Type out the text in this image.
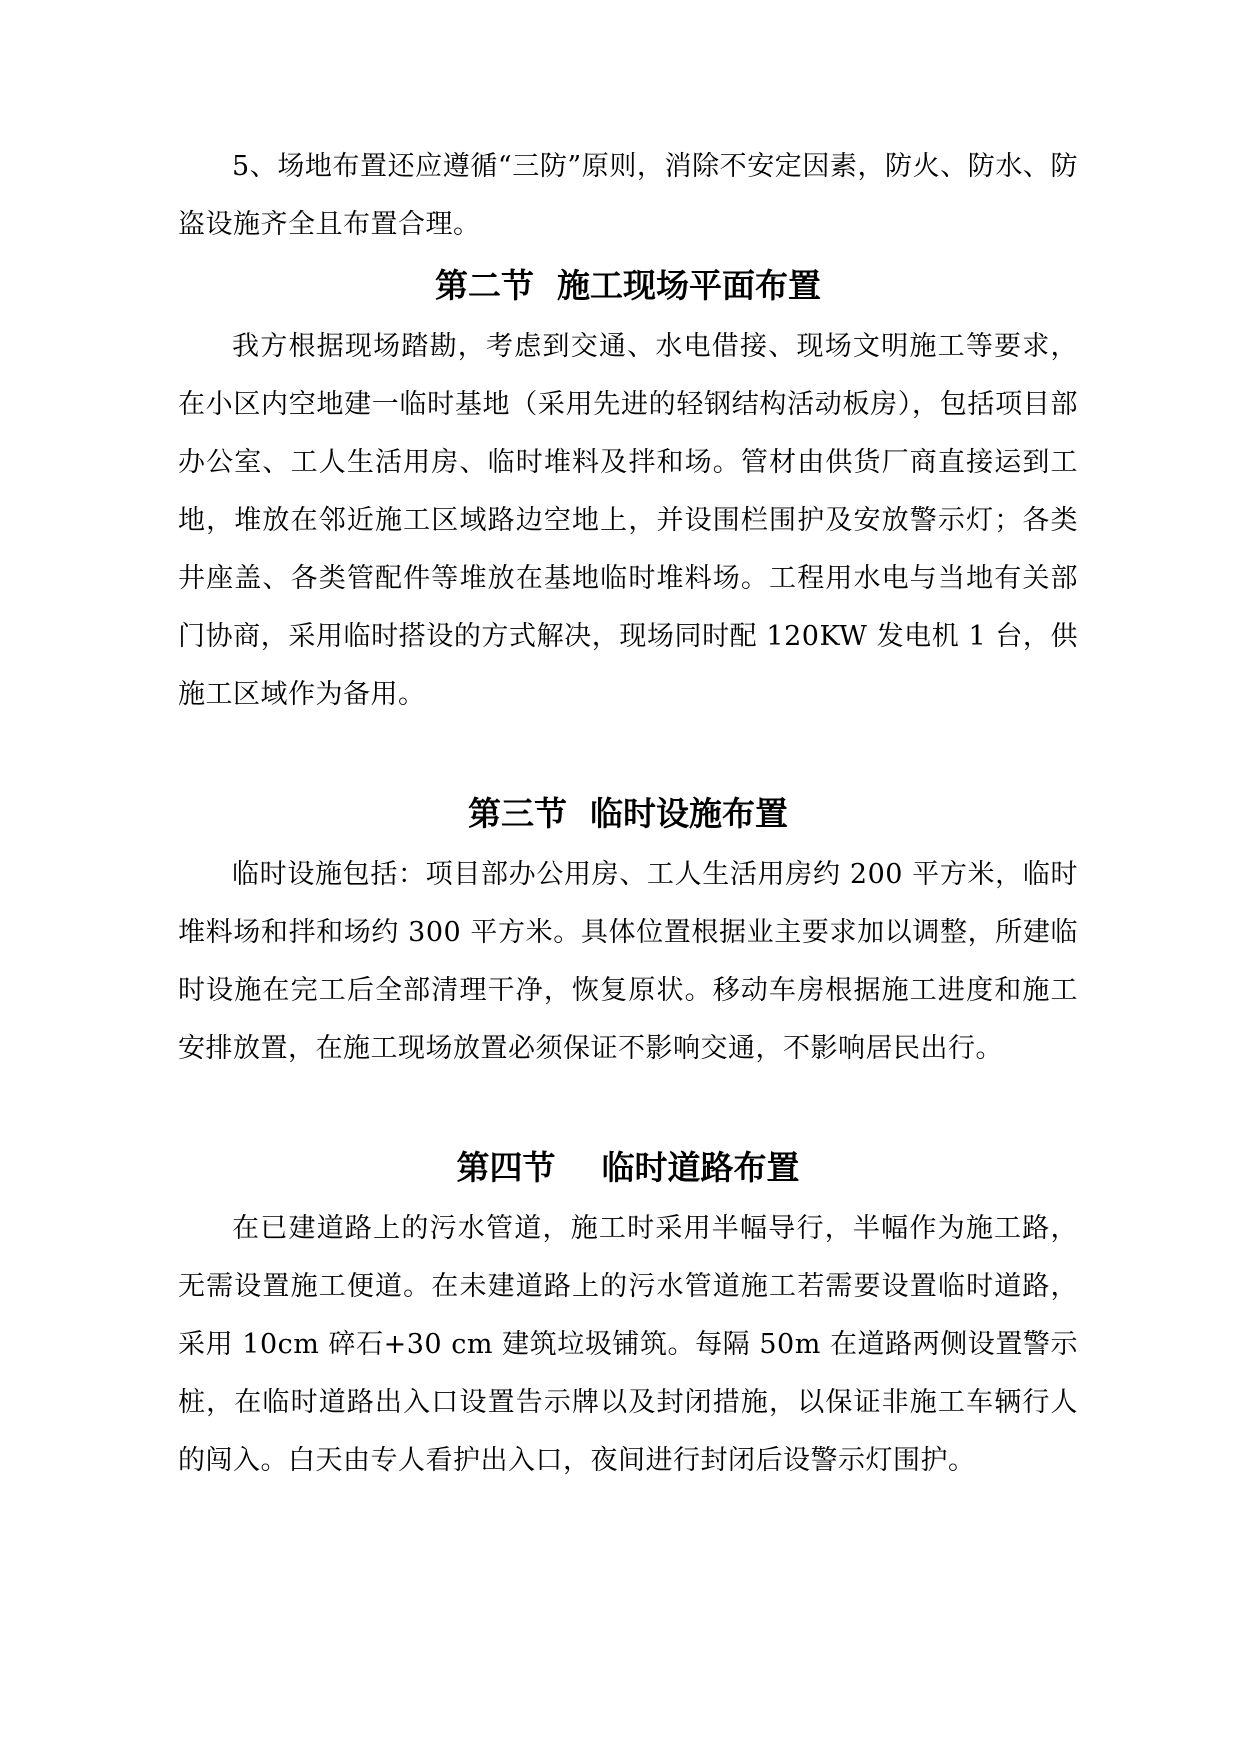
5、场地布置还应遵循“三防”原则，消除不安定因素，防火、防水、防盗设施齐全且布置合理。

第二节  施工现场平面布置

我方根据现场踏勘，考虑到交通、水电借接、现场文明施工等要求，在小区内空地建一临时基地（采用先进的轻钢结构活动板房），包括项目部办公室、工人生活用房、临时堆料及拌和场。管材由供货厂商直接运到工地，堆放在邻近施工区域路边空地上，并设围栏围护及安放警示灯；各类井座盖、各类管配件等堆放在基地临时堆料场。工程用水电与当地有关部门协商，采用临时搭设的方式解决，现场同时配 120KW 发电机 1 台，供施工区域作为备用。

第三节  临时设施布置

临时设施包括：项目部办公用房、工人生活用房约 200 平方米，临时堆料场和拌和场约 300 平方米。具体位置根据业主要求加以调整，所建临时设施在完工后全部清理干净，恢复原状。移动车房根据施工进度和施工安排放置，在施工现场放置必须保证不影响交通，不影响居民出行。

第四节    临时道路布置

在已建道路上的污水管道，施工时采用半幅导行，半幅作为施工路，无需设置施工便道。在未建道路上的污水管道施工若需要设置临时道路，采用 10cm 碎石+30 cm 建筑垃圾铺筑。每隔 50m 在道路两侧设置警示桩，在临时道路出入口设置告示牌以及封闭措施，以保证非施工车辆行人的闯入。白天由专人看护出入口，夜间进行封闭后设警示灯围护。
